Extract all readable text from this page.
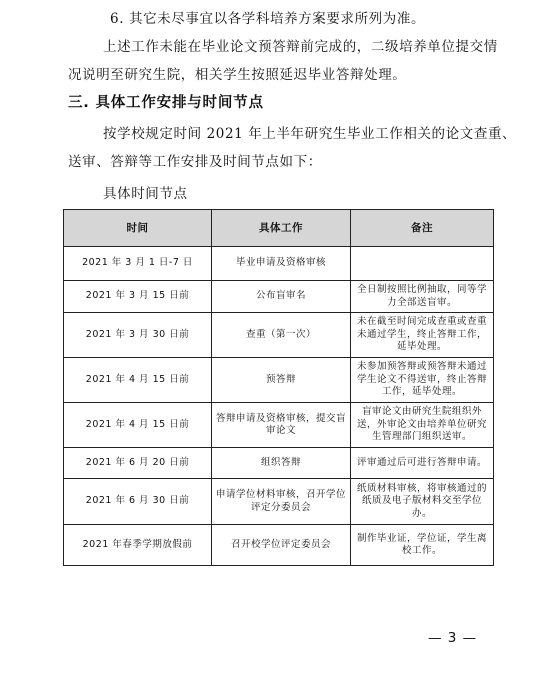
6. 其它未尽事宜以各学科培养方案要求所列为准。

上述工作未能在毕业论文预答辩前完成的，二级培养单位提交情

况说明至研究生院，相关学生按照延迟毕业答辩处理。

三. 具体工作安排与时间节点

按学校规定时间 2021 年上半年研究生毕业工作相关的论文查重、

送审、答辩等工作安排及时间节点如下：

具体时间节点
时间	具体工作	备注
2021 年 3 月 1 日-7 日	毕业申请及资格审核	
2021 年 3 月 15 日前	公布盲审名	全日制按照比例抽取，同等学力全部送盲审。
2021 年 3 月 30 日前	查重（第一次）	未在截至时间完成查重或查重未通过学生，终止答辩工作，延毕处理。
2021 年 4 月 15 日前	预答辩	未参加预答辩或预答辩未通过学生论文不得送审，终止答辩工作，延毕处理。
2021 年 4 月 15 日前	答辩申请及资格审核，提交盲审论文	盲审论文由研究生院组织外送，外审论文由培养单位研究生管理部门组织送审。
2021 年 6 月 20 日前	组织答辩	评审通过后可进行答辩申请。
2021 年 6 月 30 日前	申请学位材料审核，召开学位评定分委员会	纸质材料审核，将审核通过的纸质及电子版材料交至学位办。
2021 年春季学期放假前	召开校学位评定委员会	制作毕业证，学位证，学生离校工作。
— 3 —
